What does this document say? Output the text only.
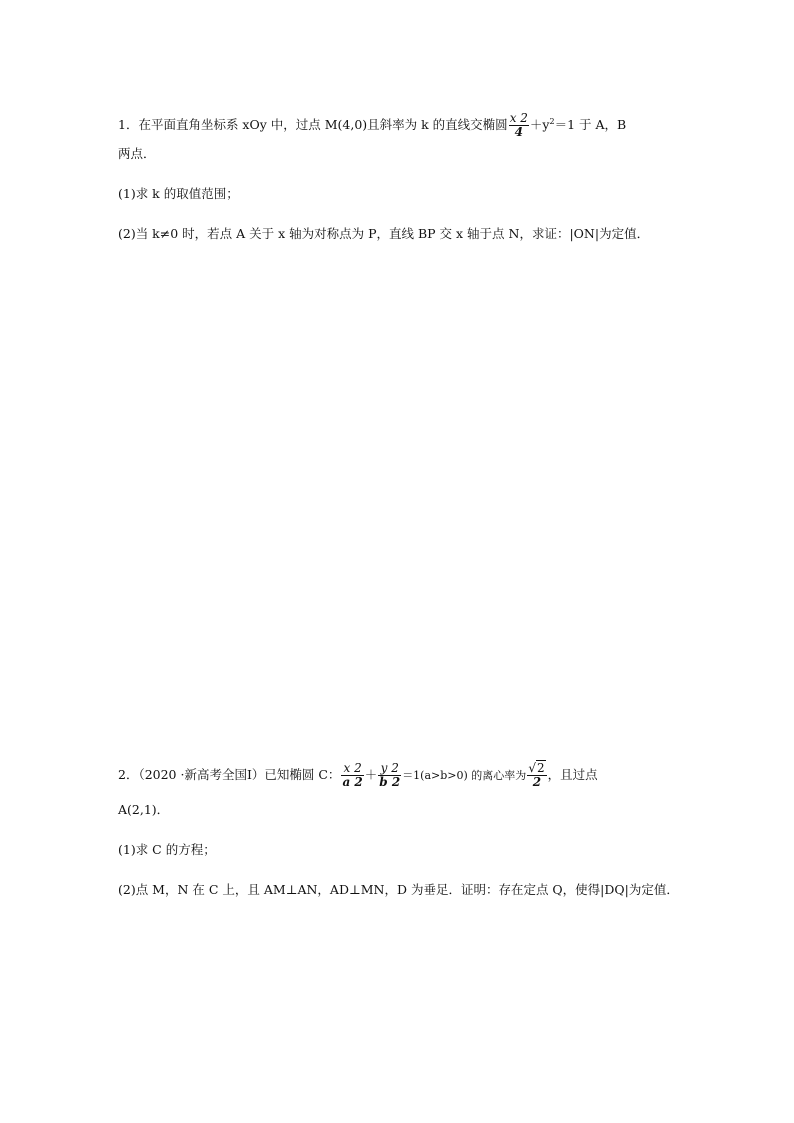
1．在平面直角坐标系 xOy 中，过点 M(4,0)且斜率为 k 的直线交椭圆 $\frac{x 2}{4} +y^2=1$ 于 A，B
两点．
(1)求 k 的取值范围；
(2)当 k≠0 时，若点 A 关于 x 轴为对称点为 P，直线 BP 交 x 轴于点 N，求证：|ON|为定值．
2．（2020 ·新高考全国Ⅰ）已知椭圆 C： $\frac{x 2}{a 2} + \frac{y 2}{b 2} =1(a>b>0)$ 的离心率为 $\frac{√2}{2}$ ，且过点
A(2,1)．
(1)求 C 的方程；
(2)点 M，N 在 C 上，且 AM⊥AN，AD⊥MN，D 为垂足．证明：存在定点 Q，使得|DQ|为定值．
